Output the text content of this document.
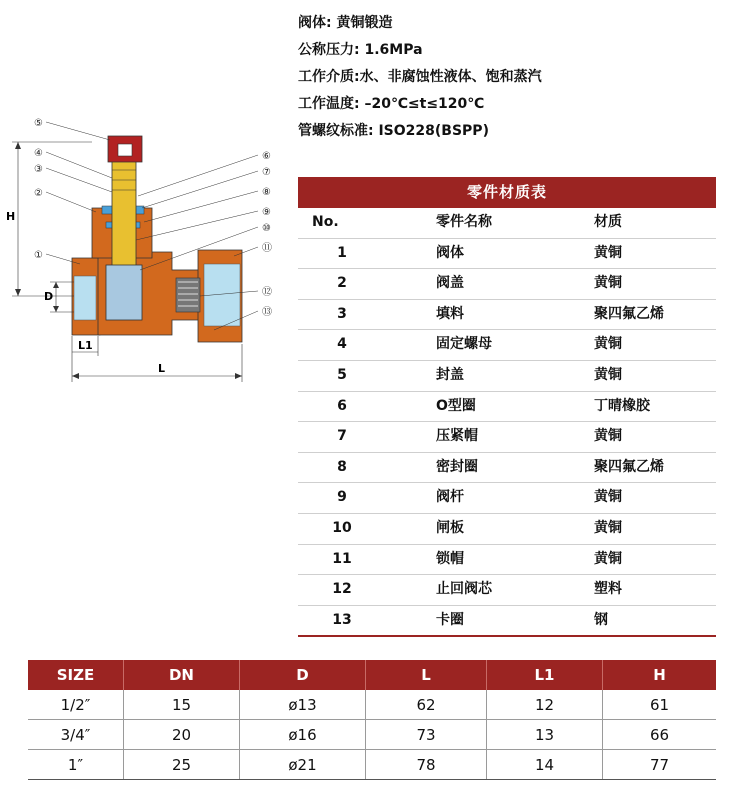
⑤
④
③
②
①
⑥
⑦
⑧
⑨
⑩
⑪
⑫
⑬
H
D
L1
L
阀体: 黄铜锻造
公称压力: 1.6MPa
工作介质:水、非腐蚀性液体、饱和蒸汽
工作温度: –20℃≤t≤120℃
管螺纹标准: ISO228(BSPP)
零件材质表
No.	零件名称	材质
1	阀体	黄铜
2	阀盖	黄铜
3	填料	聚四氟乙烯
4	固定螺母	黄铜
5	封盖	黄铜
6	O型圈	丁晴橡胶
7	压紧帽	黄铜
8	密封圈	聚四氟乙烯
9	阀杆	黄铜
10	闸板	黄铜
11	锁帽	黄铜
12	止回阀芯	塑料
13	卡圈	钢
SIZE	DN	D	L	L1	H
1/2″	15	ø13	62	12	61
3/4″	20	ø16	73	13	66
1″	25	ø21	78	14	77
